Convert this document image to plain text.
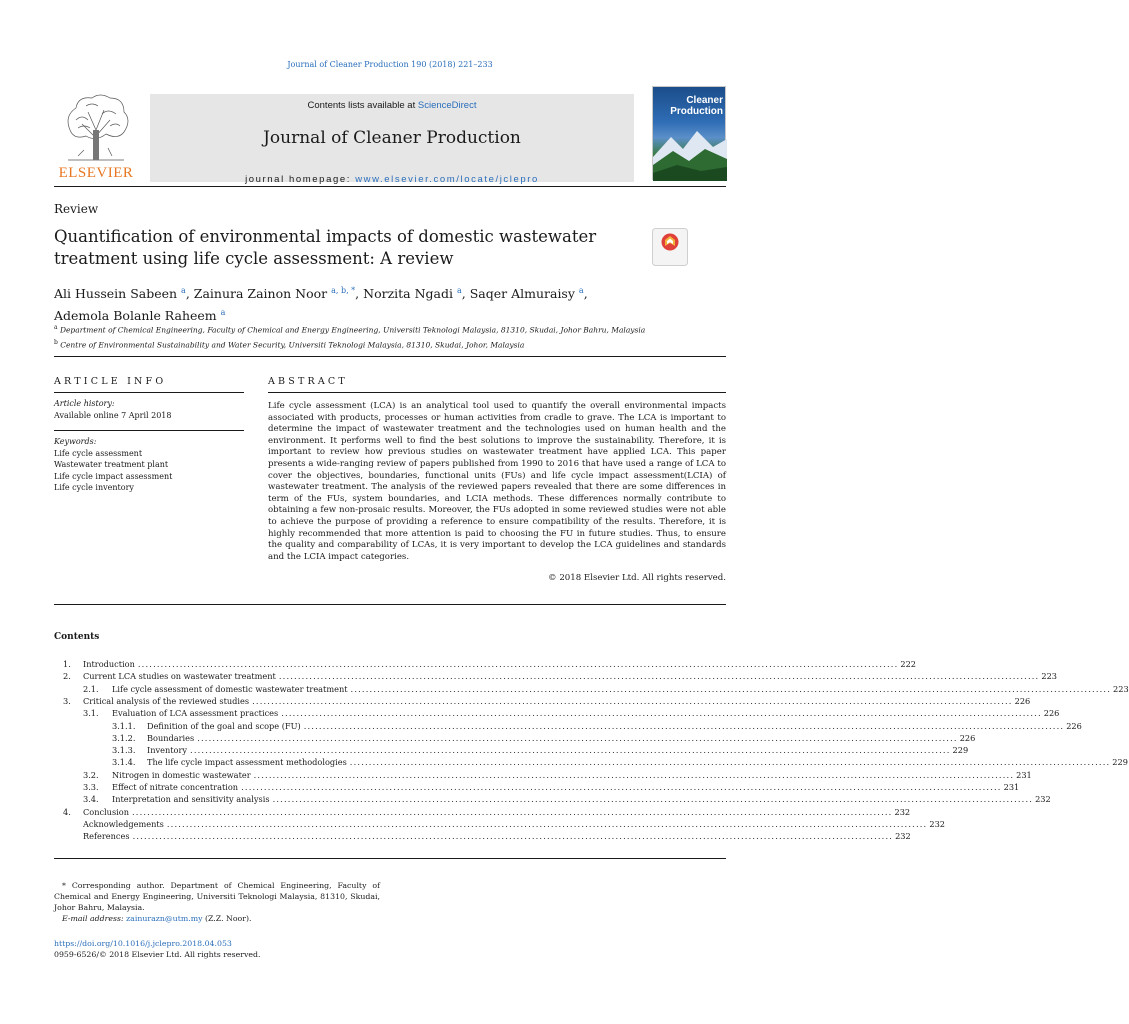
Journal of Cleaner Production 190 (2018) 221–233
ELSEVIER
Contents lists available at ScienceDirect
Journal of Cleaner Production
journal homepage: www.elsevier.com/locate/jclepro
Cleaner
Production
Review
Quantification of environmental impacts of domestic wastewater treatment using life cycle assessment: A review
Ali Hussein Sabeen $^a$, Zainura Zainon Noor $^{a, b, *}$, Norzita Ngadi $^a$, Saqer Almuraisy $^a$,
Ademola Bolanle Raheem $^a$
$^a$ Department of Chemical Engineering, Faculty of Chemical and Energy Engineering, Universiti Teknologi Malaysia, 81310, Skudai, Johor Bahru, Malaysia
$^b$ Centre of Environmental Sustainability and Water Security, Universiti Teknologi Malaysia, 81310, Skudai, Johor, Malaysia
ARTICLE INFO	ABSTRACT
Article history:
Available online 7 April 2018
Keywords:
Life cycle assessment
Wastewater treatment plant
Life cycle impact assessment
Life cycle inventory
Life cycle assessment (LCA) is an analytical tool used to quantify the overall environmental impacts associated with products, processes or human activities from cradle to grave. The LCA is important to determine the impact of wastewater treatment and the technologies used on human health and the environment. It performs well to find the best solutions to improve the sustainability. Therefore, it is important to review how previous studies on wastewater treatment have applied LCA. This paper presents a wide-ranging review of papers published from 1990 to 2016 that have used a range of LCA to cover the objectives, boundaries, functional units (FUs) and life cycle impact assessment(LCIA) of wastewater treatment. The analysis of the reviewed papers revealed that there are some differences in term of the FUs, system boundaries, and LCIA methods. These differences normally contribute to obtaining a few non-prosaic results. Moreover, the FUs adopted in some reviewed studies were not able to achieve the purpose of providing a reference to ensure compatibility of the results. Therefore, it is highly recommended that more attention is paid to choosing the FU in future studies. Thus, to ensure the quality and comparability of LCAs, it is very important to develop the LCA guidelines and standards and the LCIA impact categories.
© 2018 Elsevier Ltd. All rights reserved.
Contents
1. Introduction ........................................................................................................................................................................................................ 222
2. Current LCA studies on wastewater treatment ........................................................................................................................................................................................................ 223
2.1. Life cycle assessment of domestic wastewater treatment ........................................................................................................................................................................................................ 223
3. Critical analysis of the reviewed studies ........................................................................................................................................................................................................ 226
3.1. Evaluation of LCA assessment practices ........................................................................................................................................................................................................ 226
3.1.1. Definition of the goal and scope (FU) ........................................................................................................................................................................................................ 226
3.1.2. Boundaries ........................................................................................................................................................................................................ 226
3.1.3. Inventory ........................................................................................................................................................................................................ 229
3.1.4. The life cycle impact assessment methodologies ........................................................................................................................................................................................................ 229
3.2. Nitrogen in domestic wastewater ........................................................................................................................................................................................................ 231
3.3. Effect of nitrate concentration ........................................................................................................................................................................................................ 231
3.4. Interpretation and sensitivity analysis ........................................................................................................................................................................................................ 232
4. Conclusion ........................................................................................................................................................................................................ 232
Acknowledgements ........................................................................................................................................................................................................ 232
References ........................................................................................................................................................................................................ 232
* Corresponding author. Department of Chemical Engineering, Faculty of Chemical and Energy Engineering, Universiti Teknologi Malaysia, 81310, Skudai, Johor Bahru, Malaysia.
E-mail address: zainurazn@utm.my (Z.Z. Noor).
https://doi.org/10.1016/j.jclepro.2018.04.053
0959-6526/© 2018 Elsevier Ltd. All rights reserved.
